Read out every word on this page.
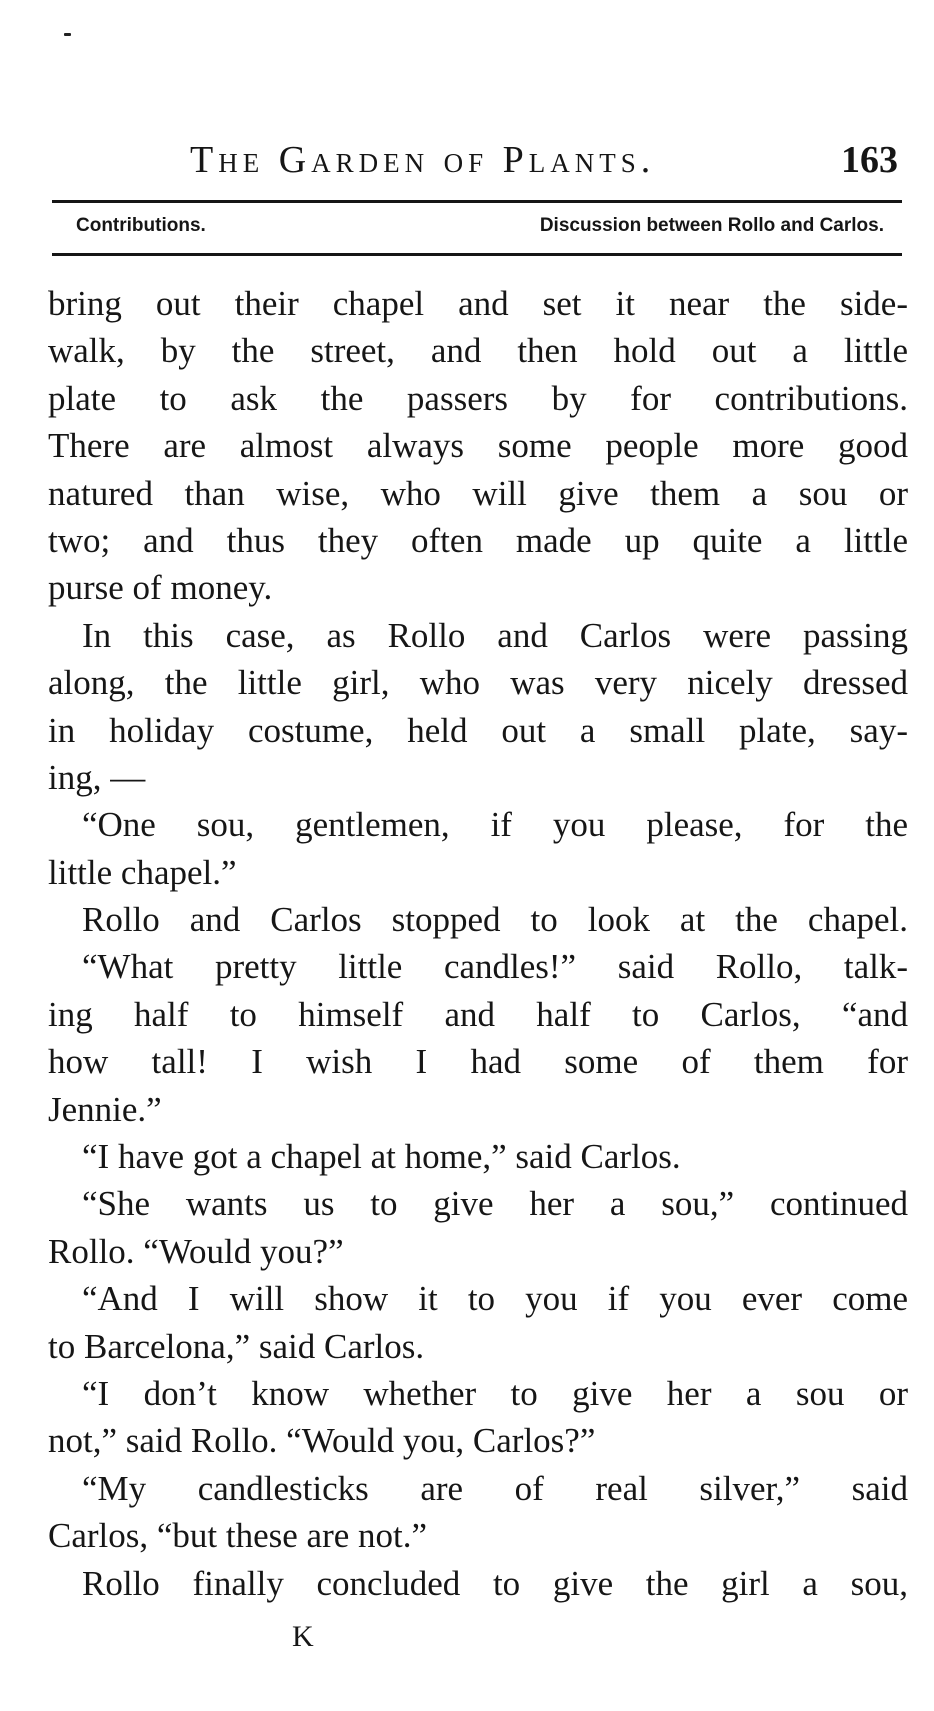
The Garden of Plants.	163
Contributions.	Discussion between Rollo and Carlos.
bring out their chapel and set it near the side-
walk, by the street, and then hold out a little
plate to ask the passers by for contributions.
There are almost always some people more good
natured than wise, who will give them a sou or
two; and thus they often made up quite a little
purse of money.
In this case, as Rollo and Carlos were passing
along, the little girl, who was very nicely dressed
in holiday costume, held out a small plate, say-
ing, —
“One sou, gentlemen, if you please, for the
little chapel.”
Rollo and Carlos stopped to look at the chapel.
“What pretty little candles!” said Rollo, talk-
ing half to himself and half to Carlos, “and
how tall! I wish I had some of them for
Jennie.”
“I have got a chapel at home,” said Carlos.
“She wants us to give her a sou,” continued
Rollo. “Would you?”
“And I will show it to you if you ever come
to Barcelona,” said Carlos.
“I don’t know whether to give her a sou or
not,” said Rollo. “Would you, Carlos?”
“My candlesticks are of real silver,” said
Carlos, “but these are not.”
Rollo finally concluded to give the girl a sou,
K
